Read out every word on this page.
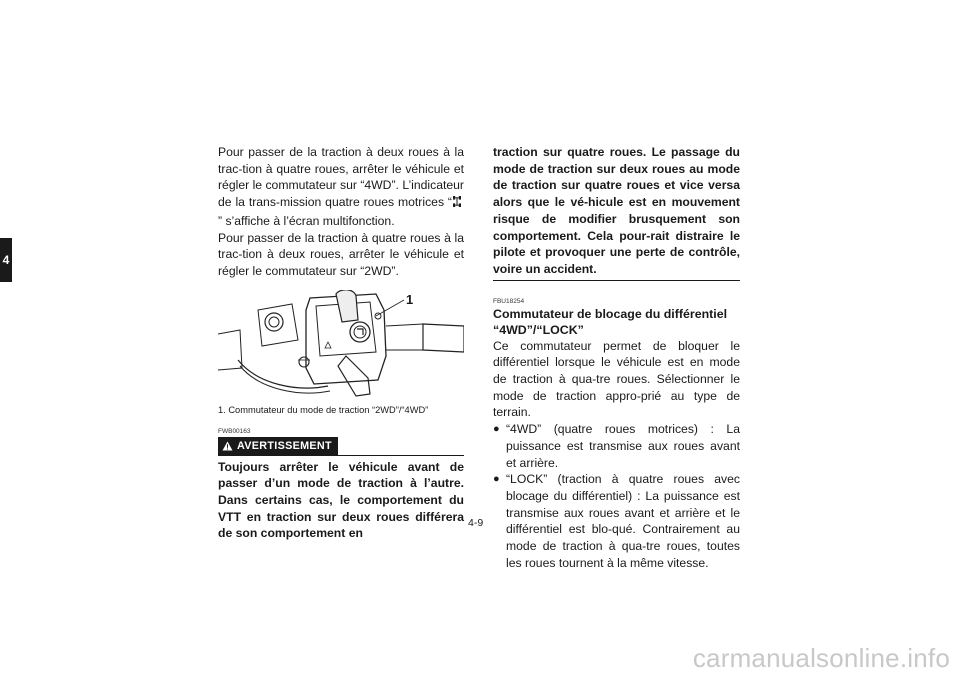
4

Pour passer de la traction à deux roues à la trac-tion à quatre roues, arrêter le véhicule et régler le commutateur sur “4WD”. L’indicateur de la trans-mission quatre roues motrices “” s’affiche à l’écran multifonction.

Pour passer de la traction à quatre roues à la trac-tion à deux roues, arrêter le véhicule et régler le commutateur sur “2WD”.

1
1. Commutateur du mode de traction “2WD”/“4WD”
FWB00163
AVERTISSEMENT

Toujours arrêter le véhicule avant de passer d’un mode de traction à l’autre. Dans certains cas, le comportement du VTT en traction sur deux roues différera de son comportement en

traction sur quatre roues. Le passage du mode de traction sur deux roues au mode de traction sur quatre roues et vice versa alors que le vé-hicule est en mouvement risque de modifier brusquement son comportement. Cela pour-rait distraire le pilote et provoquer une perte de contrôle, voire un accident.

FBU18254

Commutateur de blocage du différentiel

“4WD”/“LOCK”

Ce commutateur permet de bloquer le différentiel lorsque le véhicule est en mode de traction à qua-tre roues. Sélectionner le mode de traction appro-prié au type de terrain.

● “4WD” (quatre roues motrices) : La puissance est transmise aux roues avant et arrière.
● “LOCK” (traction à quatre roues avec blocage du différentiel) : La puissance est transmise aux roues avant et arrière et le différentiel est blo-qué. Contrairement au mode de traction à qua-tre roues, toutes les roues tournent à la même vitesse.
4-9
carmanualsonline.info
